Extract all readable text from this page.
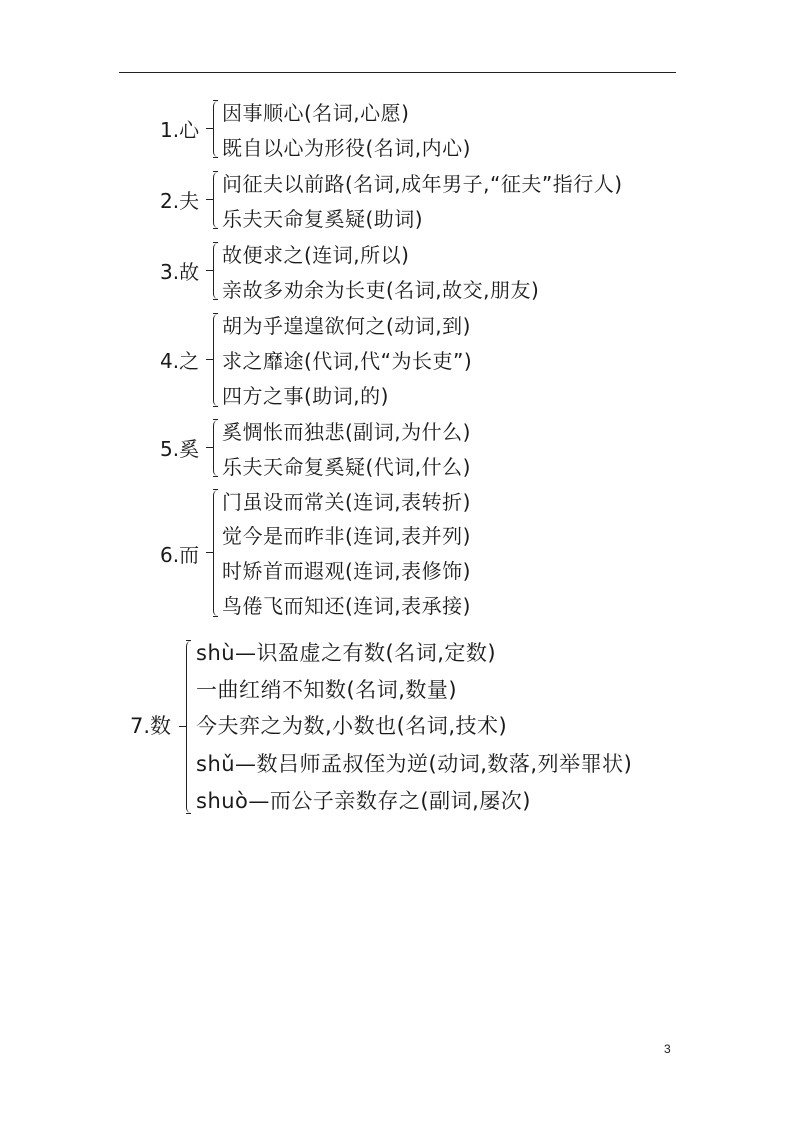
1.心
因事顺心(名词,心愿)
既自以心为形役(名词,内心)
2.夫
问征夫以前路(名词,成年男子,“征夫”指行人)
乐夫天命复奚疑(助词)
3.故
故便求之(连词,所以)
亲故多劝余为长吏(名词,故交,朋友)
4.之
胡为乎遑遑欲何之(动词,到)
求之靡途(代词,代“为长吏”)
四方之事(助词,的)
5.奚
奚惆怅而独悲(副词,为什么)
乐夫天命复奚疑(代词,什么)
6.而
门虽设而常关(连词,表转折)
觉今是而昨非(连词,表并列)
时矫首而遐观(连词,表修饰)
鸟倦飞而知还(连词,表承接)
7.数
shù—识盈虚之有数(名词,定数)
一曲红绡不知数(名词,数量)
今夫弈之为数,小数也(名词,技术)
shǔ—数吕师孟叔侄为逆(动词,数落,列举罪状)
shuò—而公子亲数存之(副词,屡次)
3
